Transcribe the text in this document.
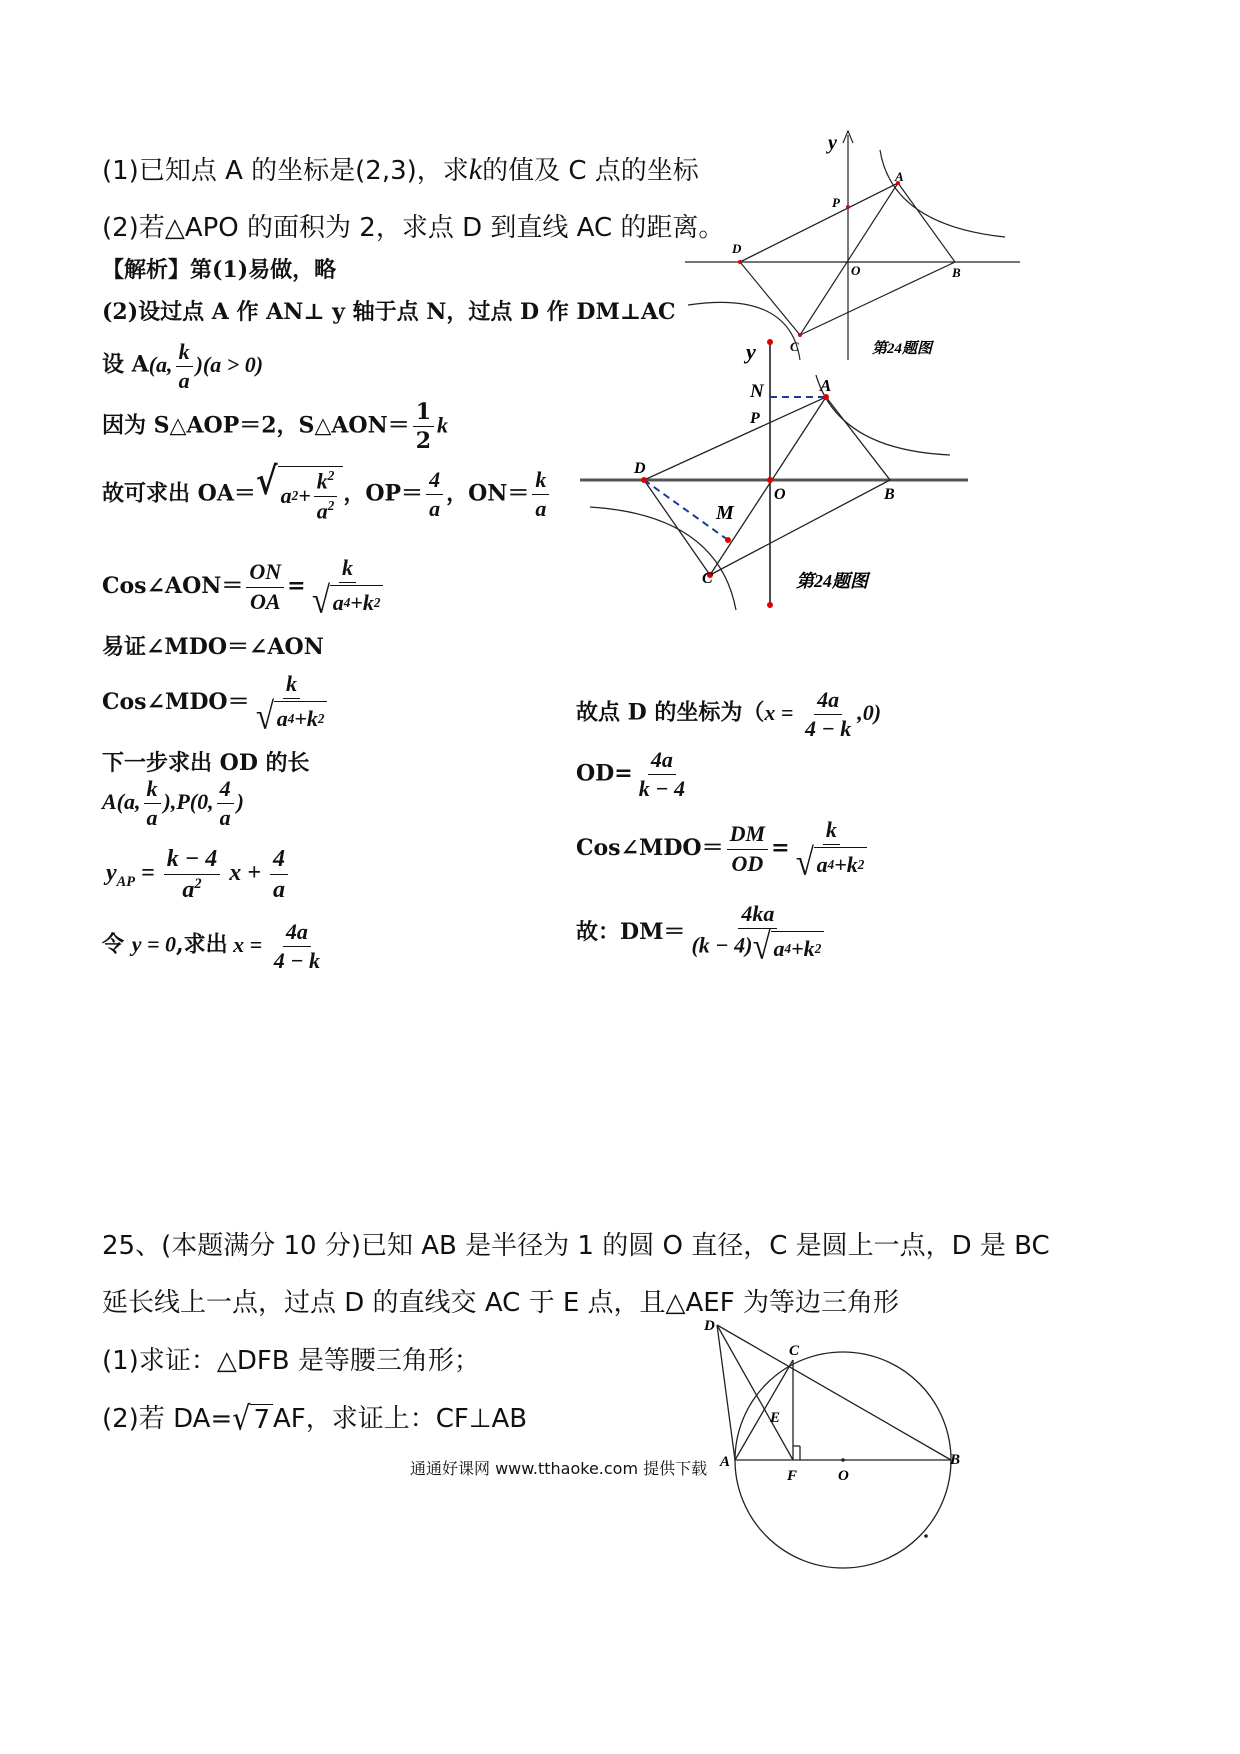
(1)已知点 A 的坐标是(2,3)，求k的值及 C 点的坐标
(2)若△APO 的面积为 2，求点 D 到直线 AC 的距离。
【解析】第(1)易做，略
(2)设过点 A 作 AN⊥ y 轴于点 N，过点 D 作 DM⊥AC
设 A(a, $\frac{k}{a} )(a > 0)$
因为 S△AOP＝2，S△AON＝ $\frac{1}{2}$ k
故可求出 OA＝ √ a $2 + \frac{k^2}{a^2}$ ，$OP= \frac{4}{a}$ ，$ON= \frac{k}{a}$
Cos∠AON＝ $\frac{ON}{OA} = \frac{k}{√ a 4 +k 2}$
易证∠MDO＝∠AON
Cos∠MDO＝ $\frac{k}{√ a 4 +k 2}$
下一步求出 OD 的长
A(a, $\frac{k}{a} ),P(0$, $\frac{4}{a}$ )
$y_{AP} = \frac{k - 4}{a^2}$ $x + \frac{4}{a}$
令 y = 0,求出 $x = \frac{4a}{4 - k}$
故点 D 的坐标为$(x = \frac{4a}{4 - k} ,0)$
$OD= \frac{4a}{k - 4}$
Cos∠MDO＝ $\frac{DM}{OD} = \frac{k}{√ a 4 +k 2}$
故：$DM= \frac{4ka}{(k - 4) √ a 4 +k 2}$
y
A
P
D
O	B
C	第24题图
y
N	A
P
D
O	B
M
C	第24题图
25、(本题满分 10 分)已知 AB 是半径为 1 的圆 O 直径，C 是圆上一点，D 是 BC
延长线上一点，过点 D 的直线交 AC 于 E 点，且△AEF 为等边三角形
(1)求证：△DFB 是等腰三角形；
(2)若 DA= √ 7 AF，求证上：CF⊥AB
D
C
E
A
F	O
B
通通好课网 www.tthaoke.com 提供下载
